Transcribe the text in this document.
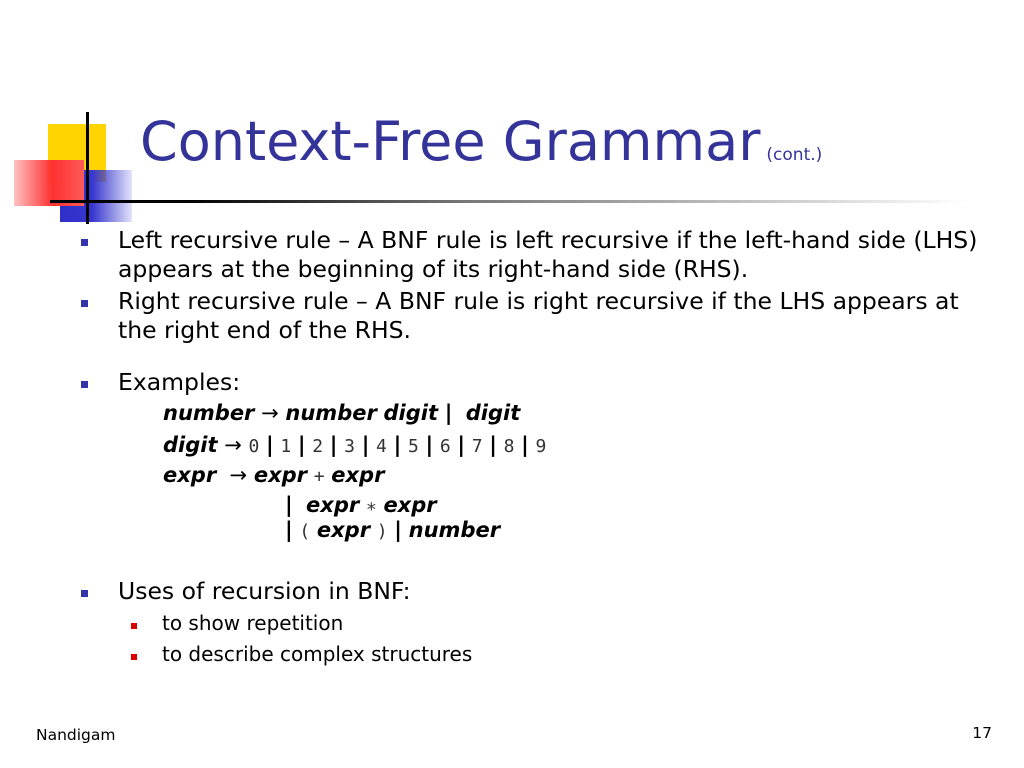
Context-Free Grammar (cont.)
Left recursive rule – A BNF rule is left recursive if the left-hand side (LHS) appears at the beginning of its right-hand side (RHS).
Right recursive rule – A BNF rule is right recursive if the LHS appears at the right end of the RHS.
Examples:
number → number digit | digit
digit → 0 | 1 | 2 | 3 | 4 | 5 | 6 | 7 | 8 | 9
expr → expr + expr
| expr ∗ expr
| ( expr ) | number
Uses of recursion in BNF:
to show repetition
to describe complex structures
Nandigam	17
